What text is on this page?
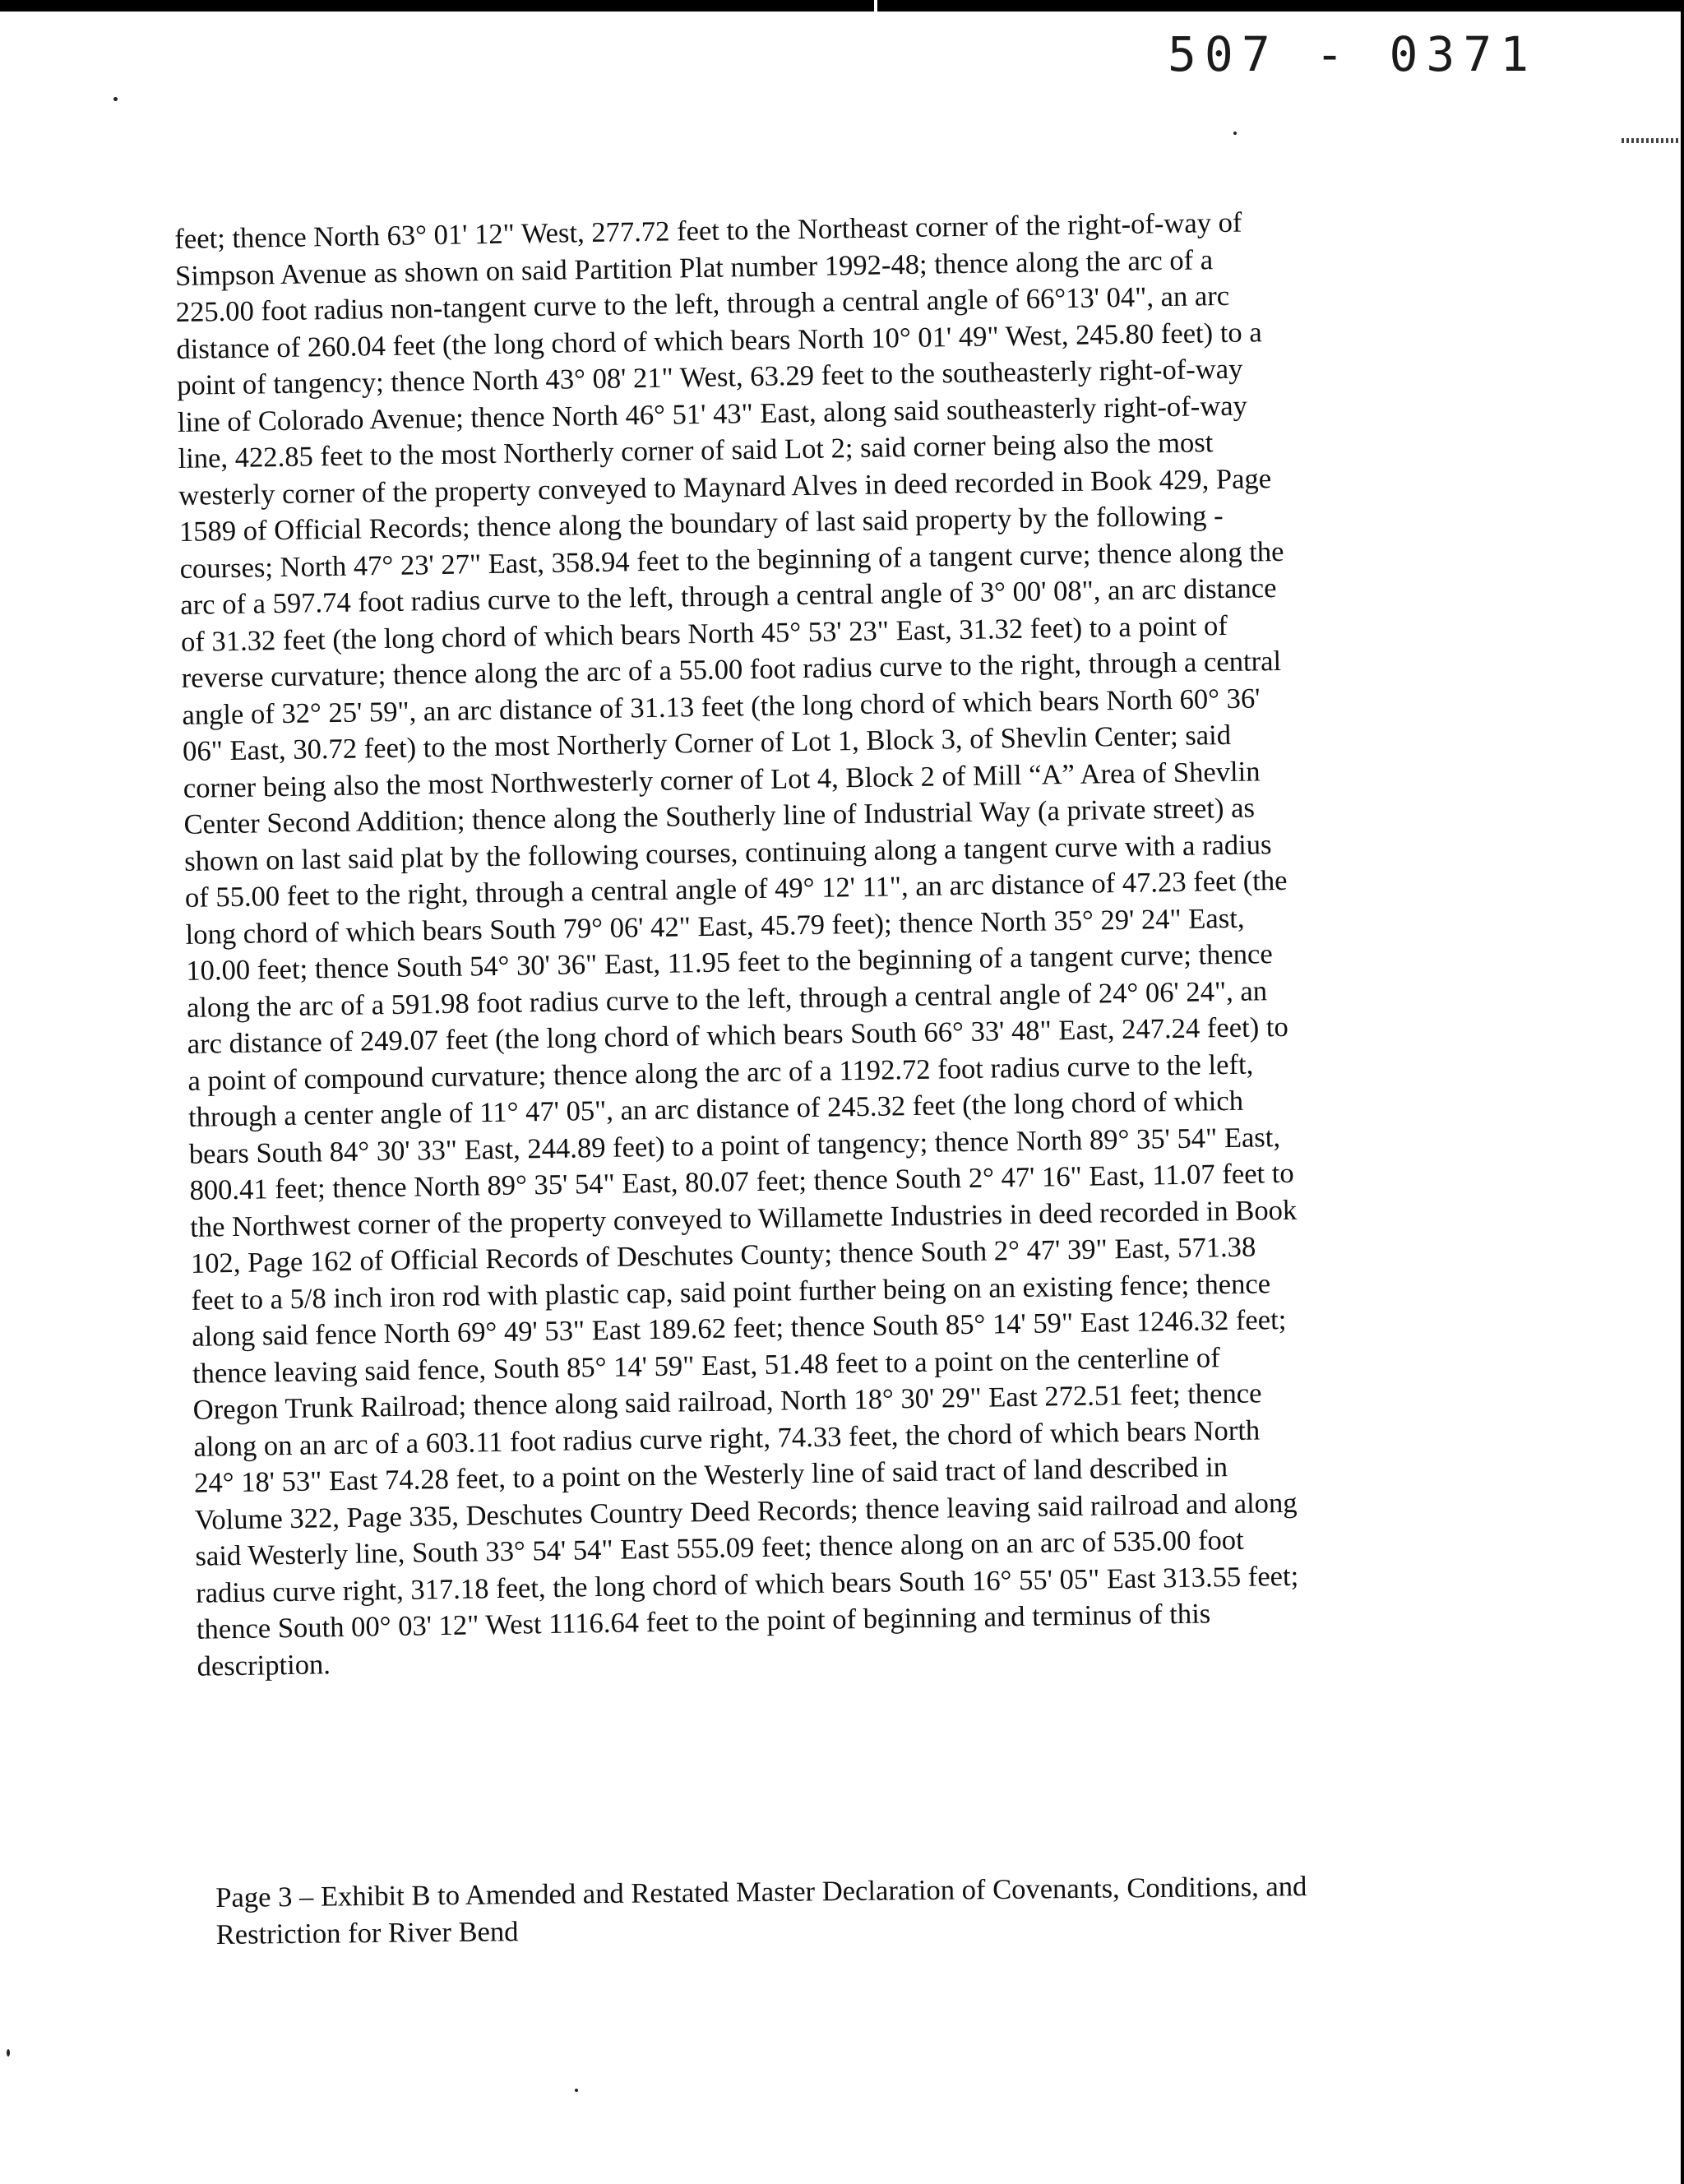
507 - 0371
feet; thence North 63° 01' 12" West, 277.72 feet to the Northeast corner of the right-of-way of
Simpson Avenue as shown on said Partition Plat number 1992-48; thence along the arc of a
225.00 foot radius non-tangent curve to the left, through a central angle of 66°13' 04", an arc
distance of 260.04 feet (the long chord of which bears North 10° 01' 49" West, 245.80 feet) to a
point of tangency; thence North 43° 08' 21" West, 63.29 feet to the southeasterly right-of-way
line of Colorado Avenue; thence North 46° 51' 43" East, along said southeasterly right-of-way
line, 422.85 feet to the most Northerly corner of said Lot 2; said corner being also the most
westerly corner of the property conveyed to Maynard Alves in deed recorded in Book 429, Page
1589 of Official Records; thence along the boundary of last said property by the following -
courses; North 47° 23' 27" East, 358.94 feet to the beginning of a tangent curve; thence along the
arc of a 597.74 foot radius curve to the left, through a central angle of 3° 00' 08", an arc distance
of 31.32 feet (the long chord of which bears North 45° 53' 23" East, 31.32 feet) to a point of
reverse curvature; thence along the arc of a 55.00 foot radius curve to the right, through a central
angle of 32° 25' 59", an arc distance of 31.13 feet (the long chord of which bears North 60° 36'
06" East, 30.72 feet) to the most Northerly Corner of Lot 1, Block 3, of Shevlin Center; said
corner being also the most Northwesterly corner of Lot 4, Block 2 of Mill “A” Area of Shevlin
Center Second Addition; thence along the Southerly line of Industrial Way (a private street) as
shown on last said plat by the following courses, continuing along a tangent curve with a radius
of 55.00 feet to the right, through a central angle of 49° 12' 11", an arc distance of 47.23 feet (the
long chord of which bears South 79° 06' 42" East, 45.79 feet); thence North 35° 29' 24" East,
10.00 feet; thence South 54° 30' 36" East, 11.95 feet to the beginning of a tangent curve; thence
along the arc of a 591.98 foot radius curve to the left, through a central angle of 24° 06' 24", an
arc distance of 249.07 feet (the long chord of which bears South 66° 33' 48" East, 247.24 feet) to
a point of compound curvature; thence along the arc of a 1192.72 foot radius curve to the left,
through a center angle of 11° 47' 05", an arc distance of 245.32 feet (the long chord of which
bears South 84° 30' 33" East, 244.89 feet) to a point of tangency; thence North 89° 35' 54" East,
800.41 feet; thence North 89° 35' 54" East, 80.07 feet; thence South 2° 47' 16" East, 11.07 feet to
the Northwest corner of the property conveyed to Willamette Industries in deed recorded in Book
102, Page 162 of Official Records of Deschutes County; thence South 2° 47' 39" East, 571.38
feet to a 5/8 inch iron rod with plastic cap, said point further being on an existing fence; thence
along said fence North 69° 49' 53" East 189.62 feet; thence South 85° 14' 59" East 1246.32 feet;
thence leaving said fence, South 85° 14' 59" East, 51.48 feet to a point on the centerline of
Oregon Trunk Railroad; thence along said railroad, North 18° 30' 29" East 272.51 feet; thence
along on an arc of a 603.11 foot radius curve right, 74.33 feet, the chord of which bears North
24° 18' 53" East 74.28 feet, to a point on the Westerly line of said tract of land described in
Volume 322, Page 335, Deschutes Country Deed Records; thence leaving said railroad and along
said Westerly line, South 33° 54' 54" East 555.09 feet; thence along on an arc of 535.00 foot
radius curve right, 317.18 feet, the long chord of which bears South 16° 55' 05" East 313.55 feet;
thence South 00° 03' 12" West 1116.64 feet to the point of beginning and terminus of this
description.
Page 3 – Exhibit B to Amended and Restated Master Declaration of Covenants, Conditions, and
Restriction for River Bend
